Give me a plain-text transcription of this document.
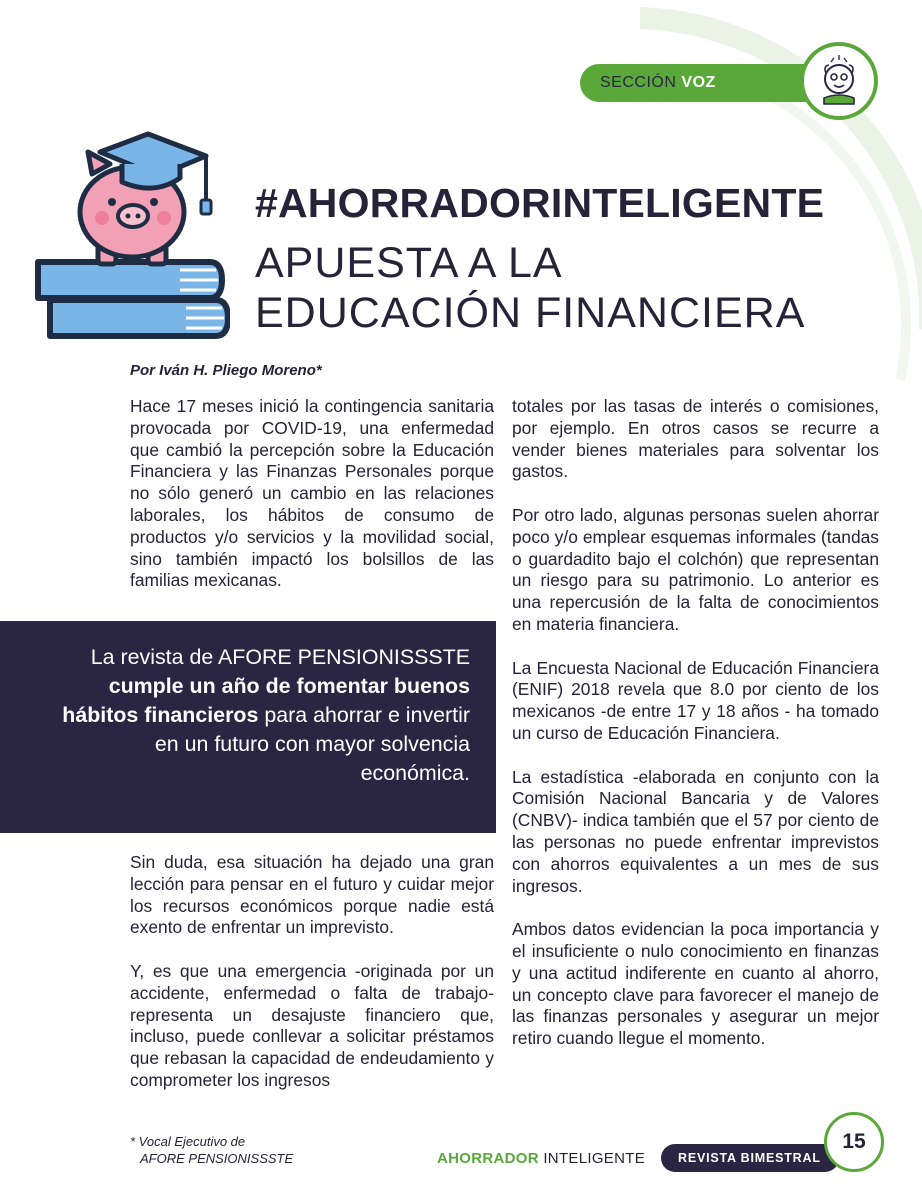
SECCIÓN VOZ
#AHORRADORINTELIGENTE
APUESTA A LA
EDUCACIÓN FINANCIERA
Por Iván H. Pliego Moreno*

Hace 17 meses inició la contingencia sanitaria provocada por COVID-19, una enfermedad que cambió la percepción sobre la Educación Financiera y las Finanzas Personales porque no sólo generó un cambio en las relaciones laborales, los hábitos de consumo de productos y/o servicios y la movilidad social, sino también impactó los bolsillos de las familias mexicanas.

La revista de AFORE PENSIONISSSTE cumple un año de fomentar buenos hábitos financieros para ahorrar e invertir en un futuro con mayor solvencia económica.

Sin duda, esa situación ha dejado una gran lección para pensar en el futuro y cuidar mejor los recursos económicos porque nadie está exento de enfrentar un imprevisto.

Y, es que una emergencia -originada por un accidente, enfermedad o falta de trabajo- representa un desajuste financiero que, incluso, puede conllevar a solicitar préstamos que rebasan la capacidad de endeudamiento y comprometer los ingresos

totales por las tasas de interés o comisiones, por ejemplo. En otros casos se recurre a vender bienes materiales para solventar los gastos.

Por otro lado, algunas personas suelen ahorrar poco y/o emplear esquemas informales (tandas o guardadito bajo el colchón) que representan un riesgo para su patrimonio. Lo anterior es una repercusión de la falta de conocimientos en materia financiera.

La Encuesta Nacional de Educación Financiera (ENIF) 2018 revela que 8.0 por ciento de los mexicanos -de entre 17 y 18 años - ha tomado un curso de Educación Financiera.

La estadística -elaborada en conjunto con la Comisión Nacional Bancaria y de Valores (CNBV)- indica también que el 57 por ciento de las personas no puede enfrentar imprevistos con ahorros equivalentes a un mes de sus ingresos.

Ambos datos evidencian la poca importancia y el insuficiente o nulo conocimiento en finanzas y una actitud indiferente en cuanto al ahorro, un concepto clave para favorecer el manejo de las finanzas personales y asegurar un mejor retiro cuando llegue el momento.

* Vocal Ejecutivo de
AFORE PENSIONISSSTE	AHORRADOR INTELIGENTE	REVISTA BIMESTRAL
15
